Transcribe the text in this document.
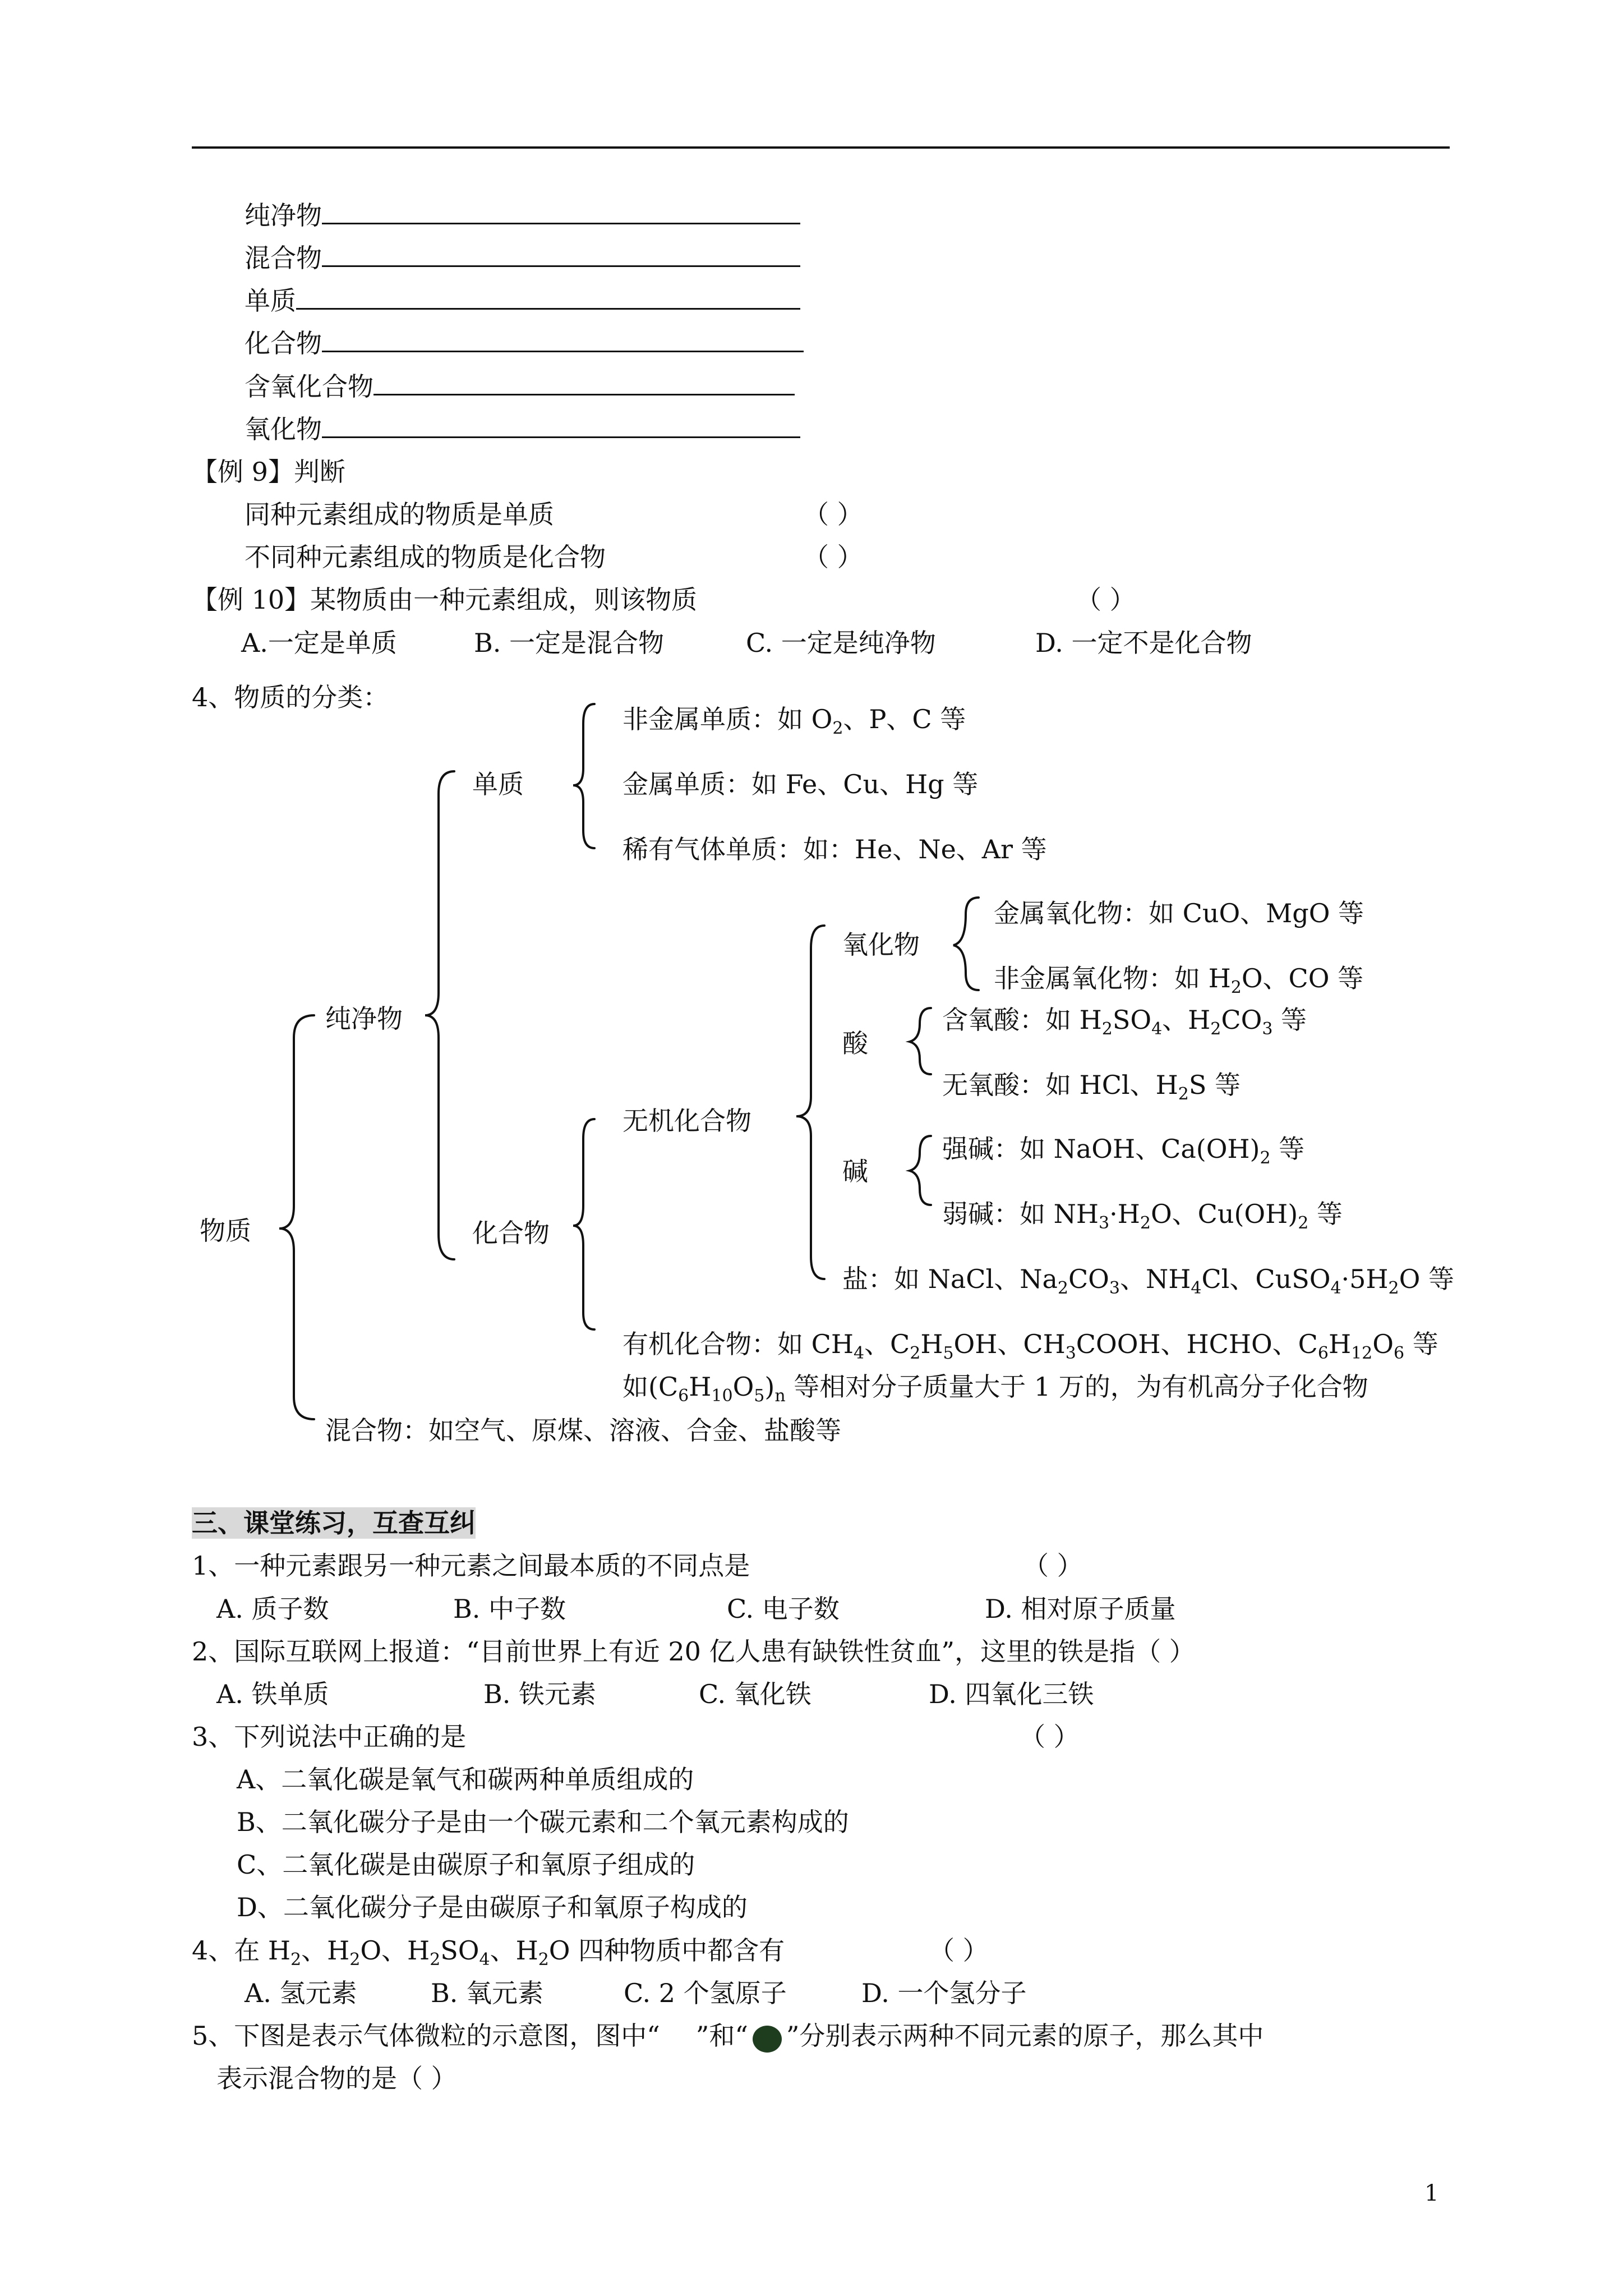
纯净物
混合物
单质
化合物
含氧化合物
氧化物
【例 9】判断
同种元素组成的物质是单质	（ ）
不同种元素组成的物质是化合物	（ ）
【例 10】某物质由一种元素组成，则该物质	（ ）
A.一定是单质	B. 一定是混合物	C. 一定是纯净物	D. 一定不是化合物
4、物质的分类：
物质
纯净物
混合物：如空气、原煤、溶液、合金、盐酸等
单质
非金属单质：如 $O_2$、P、C 等
金属单质：如 Fe、Cu、Hg 等
稀有气体单质：如：He、Ne、Ar 等
化合物
无机化合物
氧化物
金属氧化物：如 CuO、MgO 等
非金属氧化物：如 $H_2O$、CO 等
酸
含氧酸：如 $H_2SO_4$、$H_2CO_3$ 等
无氧酸：如 HCl、$H_2S$ 等
碱
强碱：如 NaOH、$Ca(OH)_2$ 等
弱碱：如 $NH_3\cdot H_2O$、$Cu(OH)_2$ 等
盐：如 NaCl、$Na_2CO_3$、$NH_4Cl$、$CuSO_4\cdot 5H_2O$ 等
有机化合物：如 $CH_4$、$C_2H_5OH$、$CH_3COOH$、HCHO、$C_6H_{12}O_6$ 等
如$(C_6H_{10}O_5)_n$ 等相对分子质量大于 1 万的，为有机高分子化合物
三、课堂练习，互查互纠
1、一种元素跟另一种元素之间最本质的不同点是	（ ）
A. 质子数	B. 中子数	C. 电子数	D. 相对原子质量
2、国际互联网上报道：“目前世界上有近 20 亿人患有缺铁性贫血”，这里的铁是指（ ）
A. 铁单质	B. 铁元素	C. 氧化铁	D. 四氧化三铁
3、下列说法中正确的是	（ ）
A、二氧化碳是氧气和碳两种单质组成的
B、二氧化碳分子是由一个碳元素和二个氧元素构成的
C、二氧化碳是由碳原子和氧原子组成的
D、二氧化碳分子是由碳原子和氧原子构成的
4、在 $H_2$、$H_2O$、$H_2SO_4$、$H_2O$ 四种物质中都含有	（ ）
A. 氢元素	B. 氧元素	C. 2 个氢原子	D. 一个氢分子
5、下图是表示气体微粒的示意图，图中“ ”和“ ”分别表示两种不同元素的原子，那么其中
表示混合物的是（ ）
1
